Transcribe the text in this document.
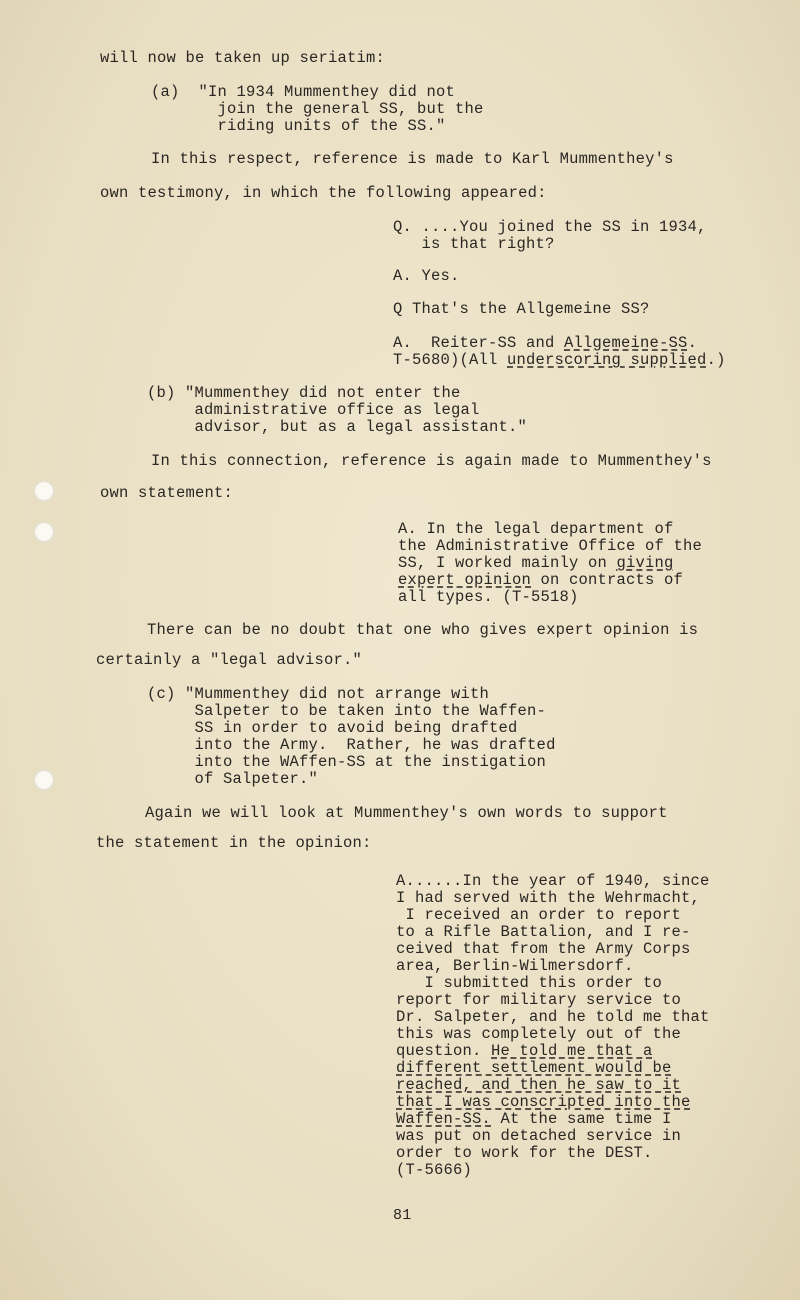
will now be taken up seriatim:

(a)  "In 1934 Mummenthey did not

join the general SS, but the

riding units of the SS."

In this respect, reference is made to Karl Mummenthey's

own testimony, in which the following appeared:

Q. ....You joined the SS in 1934,

is that right?

A. Yes.

Q That's the Allgemeine SS?

A.  Reiter-SS and Allgemeine-SS.

T-5680)(All underscoring supplied.)

(b) "Mummenthey did not enter the

administrative office as legal

advisor, but as a legal assistant."

In this connection, reference is again made to Mummenthey's

own statement:

A. In the legal department of

the Administrative Office of the

SS, I worked mainly on giving

expert opinion on contracts of

all types. (T-5518)

There can be no doubt that one who gives expert opinion is

certainly a "legal advisor."

(c) "Mummenthey did not arrange with

Salpeter to be taken into the Waffen-

SS in order to avoid being drafted

into the Army.  Rather, he was drafted

into the WAffen-SS at the instigation

of Salpeter."

Again we will look at Mummenthey's own words to support

the statement in the opinion:

A......In the year of 1940, since

I had served with the Wehrmacht,

I received an order to report

to a Rifle Battalion, and I re-

ceived that from the Army Corps

area, Berlin-Wilmersdorf.

I submitted this order to

report for military service to

Dr. Salpeter, and he told me that

this was completely out of the

question. He told me that a

different settlement would be

reached, and then he saw to it

that I was conscripted into the

Waffen-SS. At the same time I

was put on detached service in

order to work for the DEST.

(T-5666)

81
